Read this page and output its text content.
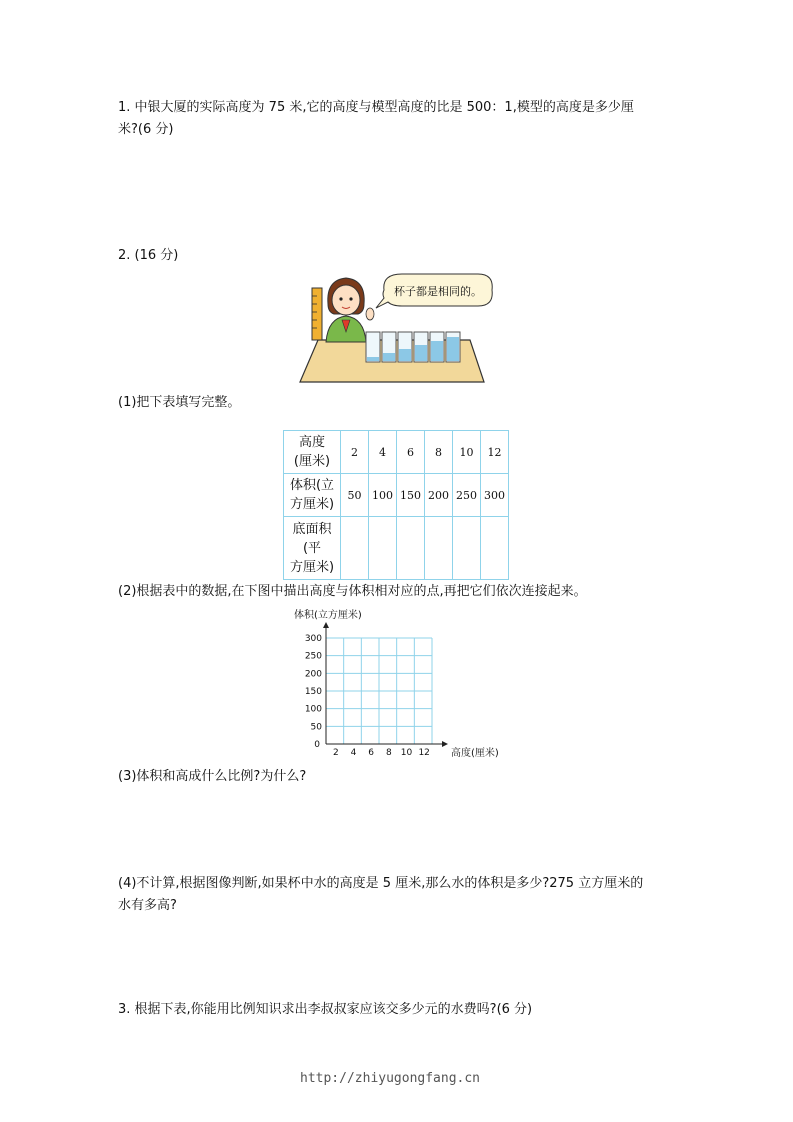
1. 中银大厦的实际高度为 75 米,它的高度与模型高度的比是 500：1,模型的高度是多少厘
米?(6 分)
2. (16 分)
杯子都是相同的。
(1)把下表填写完整。
高度
(厘米)	2	4	6	8	10	12

体积(立
方厘米)	50	100	150	200	250	300

底面积
(平
方厘米)						

(2)根据表中的数据,在下图中描出高度与体积相对应的点,再把它们依次连接起来。
2 4 6 8 10 12
300
250
200
150
100
50
0
体积(立方厘米)
高度(厘米)
(3)体积和高成什么比例?为什么?
(4)不计算,根据图像判断,如果杯中水的高度是 5 厘米,那么水的体积是多少?275 立方厘米的
水有多高?
3. 根据下表,你能用比例知识求出李叔叔家应该交多少元的水费吗?(6 分)
http://zhiyugongfang.cn
